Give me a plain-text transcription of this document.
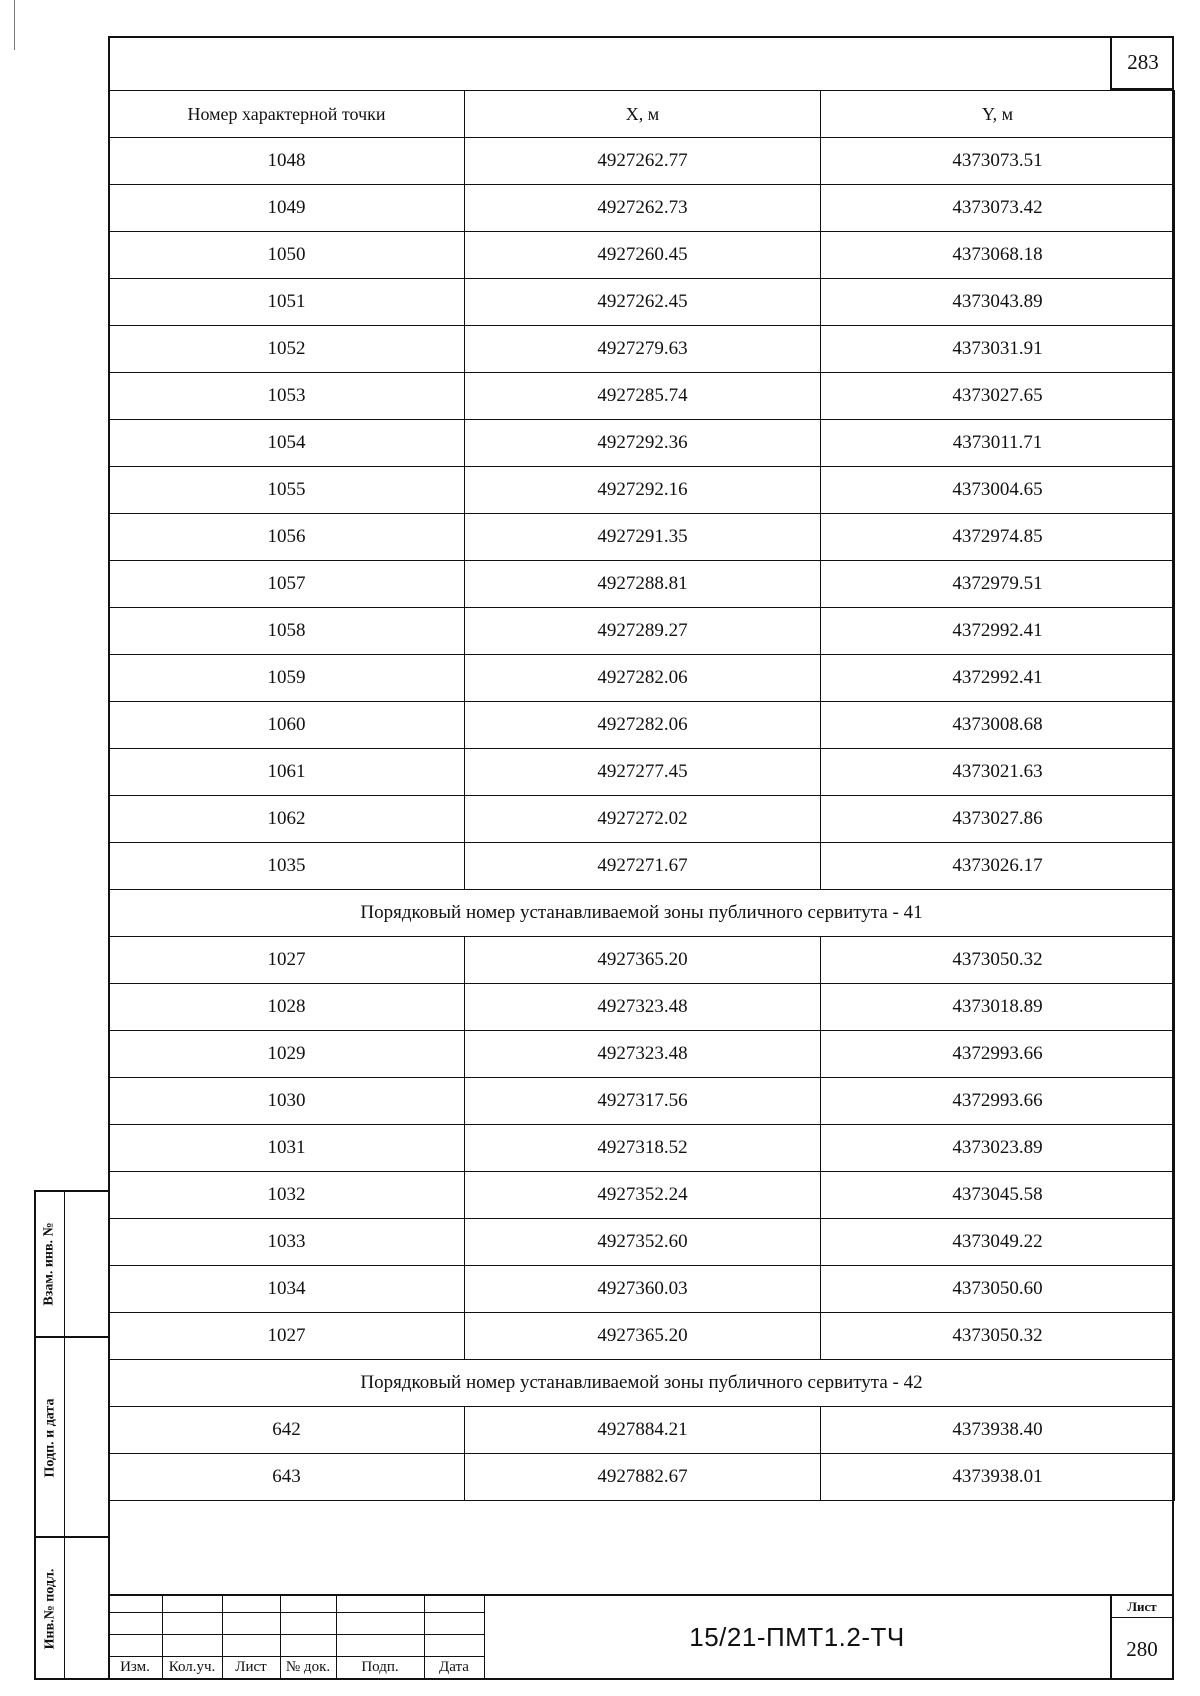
283
Номер характерной точки	X, м	Y, м
1048	4927262.77	4373073.51
1049	4927262.73	4373073.42
1050	4927260.45	4373068.18
1051	4927262.45	4373043.89
1052	4927279.63	4373031.91
1053	4927285.74	4373027.65
1054	4927292.36	4373011.71
1055	4927292.16	4373004.65
1056	4927291.35	4372974.85
1057	4927288.81	4372979.51
1058	4927289.27	4372992.41
1059	4927282.06	4372992.41
1060	4927282.06	4373008.68
1061	4927277.45	4373021.63
1062	4927272.02	4373027.86
1035	4927271.67	4373026.17
Порядковый номер устанавливаемой зоны публичного сервитута - 41		
1027	4927365.20	4373050.32
1028	4927323.48	4373018.89
1029	4927323.48	4372993.66
1030	4927317.56	4372993.66
1031	4927318.52	4373023.89
1032	4927352.24	4373045.58
1033	4927352.60	4373049.22
1034	4927360.03	4373050.60
1027	4927365.20	4373050.32
Порядковый номер устанавливаемой зоны публичного сервитута - 42		
642	4927884.21	4373938.40
643	4927882.67	4373938.01
Взам. инв. №
Подп. и дата
Инв.№ подл.
Изм.	Кол.уч.	Лист	№ док.	Подп.	Дата
15/21-ПМТ1.2-ТЧ
Лист
280
